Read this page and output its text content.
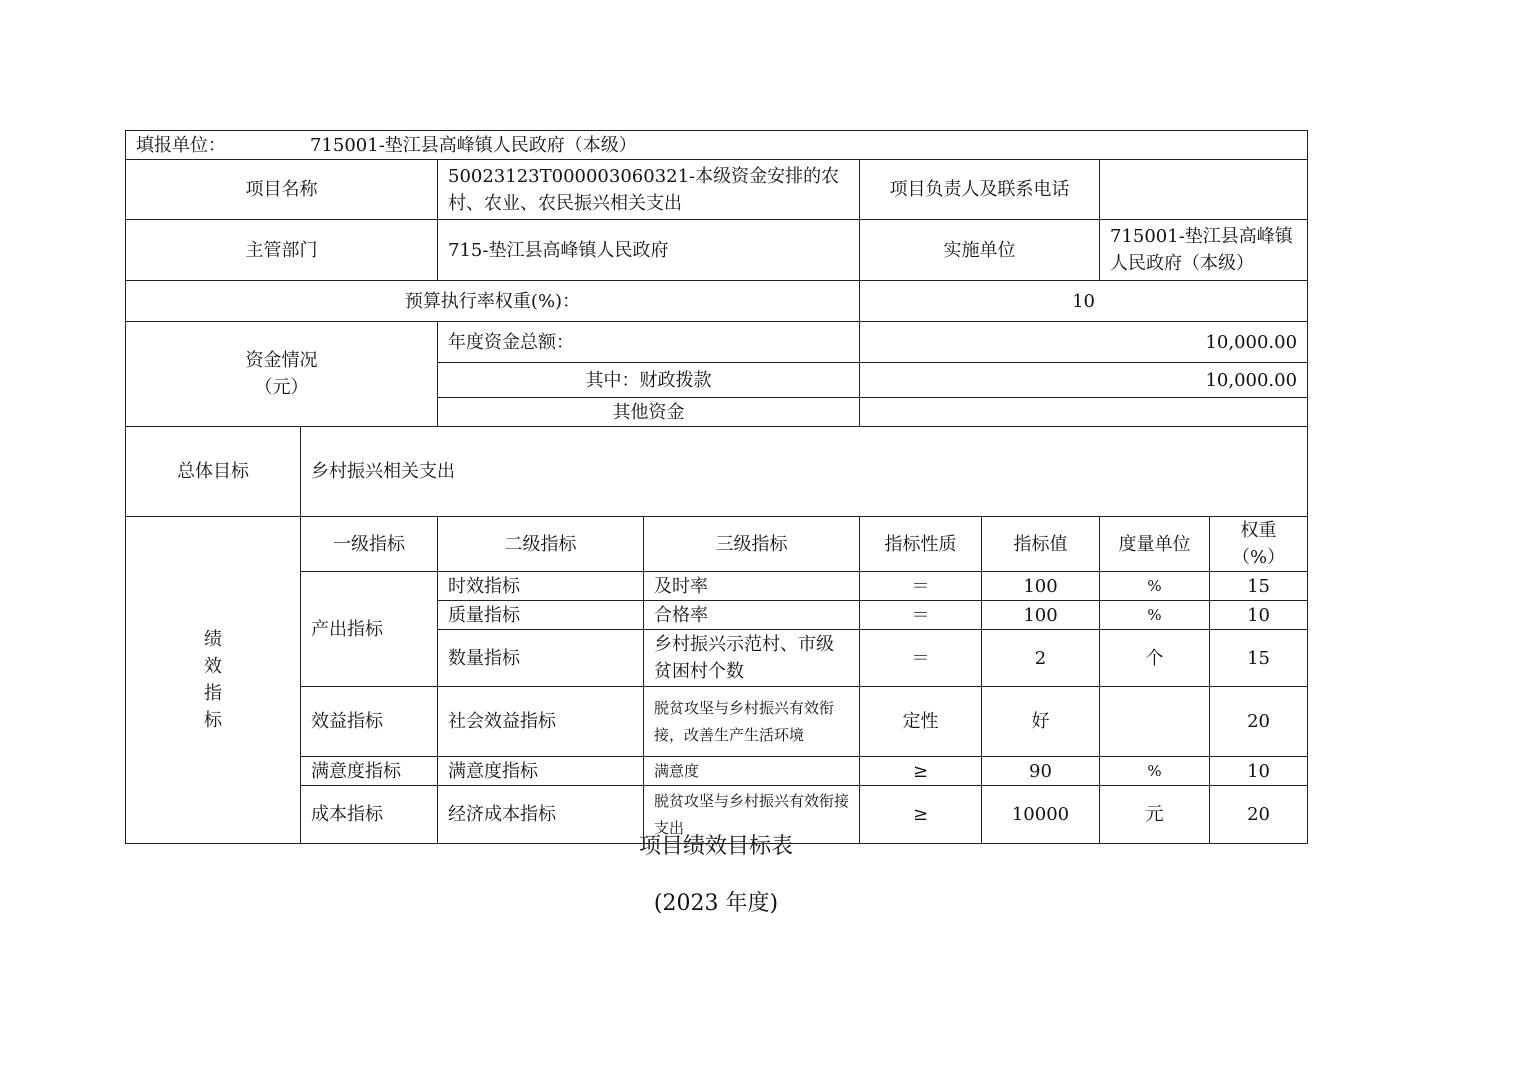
填报单位： 715001-垫江县高峰镇人民政府（本级）							
项目名称		50023123T000003060321-本级资金安排的农村、农业、农民振兴相关支出		项目负责人及联系电话			
主管部门		715-垫江县高峰镇人民政府		实施单位		715001-垫江县高峰镇人民政府（本级）	
预算执行率权重(%)：				10			

资金情况
（元）		年度资金总额：		10,000.00			
		其中：财政拨款		10,000.00			
		其他资金					
总体目标	乡村振兴相关支出						

绩
效
指
标	一级指标	二级指标	三级指标	指标性质	指标值	度量单位	权重（%）
	产出指标	时效指标	及时率	＝	100	%	15
		质量指标	合格率	＝	100	%	10
		数量指标	乡村振兴示范村、市级贫困村个数	＝	2	个	15
	效益指标	社会效益指标	脱贫攻坚与乡村振兴有效衔接，改善生产生活环境	定性	好		20
	满意度指标	满意度指标	满意度	≥	90	%	10
	成本指标	经济成本指标	脱贫攻坚与乡村振兴有效衔接支出	≥	10000	元	20
项目绩效目标表
(2023 年度)
